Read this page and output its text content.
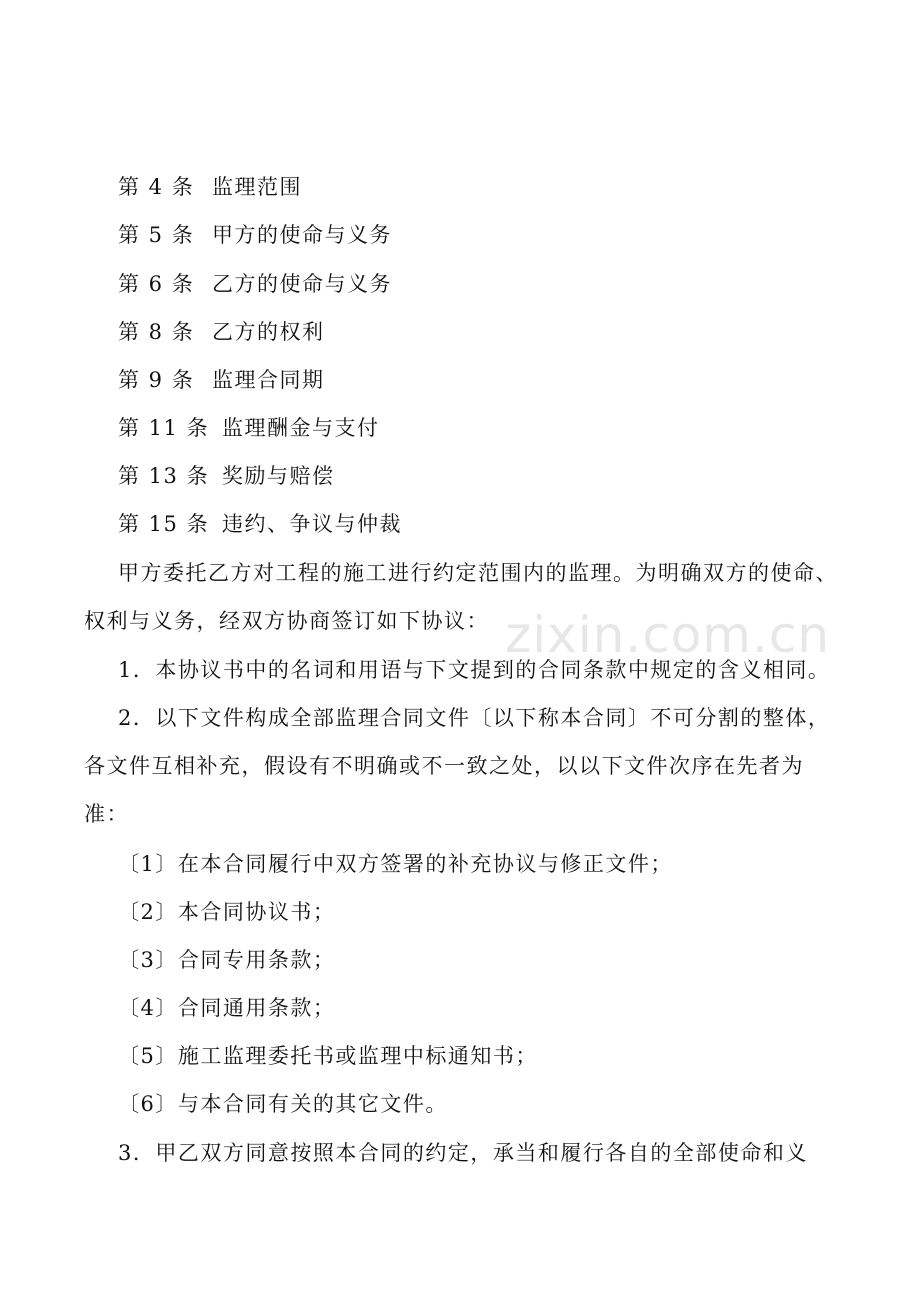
第 4 条 监理范围
第 5 条 甲方的使命与义务
第 6 条 乙方的使命与义务
第 8 条 乙方的权利
第 9 条 监理合同期
第 11 条 监理酬金与支付
第 13 条 奖励与赔偿
第 15 条 违约、争议与仲裁
甲方委托乙方对工程的施工进行约定范围内的监理。为明确双方的使命、
权利与义务，经双方协商签订如下协议：
1．本协议书中的名词和用语与下文提到的合同条款中规定的含义相同。
2．以下文件构成全部监理合同文件〔以下称本合同〕不可分割的整体，
各文件互相补充，假设有不明确或不一致之处，以以下文件次序在先者为
准：
〔1〕在本合同履行中双方签署的补充协议与修正文件；
〔2〕本合同协议书；
〔3〕合同专用条款；
〔4〕合同通用条款；
〔5〕施工监理委托书或监理中标通知书；
〔6〕与本合同有关的其它文件。
3．甲乙双方同意按照本合同的约定，承当和履行各自的全部使命和义
zixin.com.cn
